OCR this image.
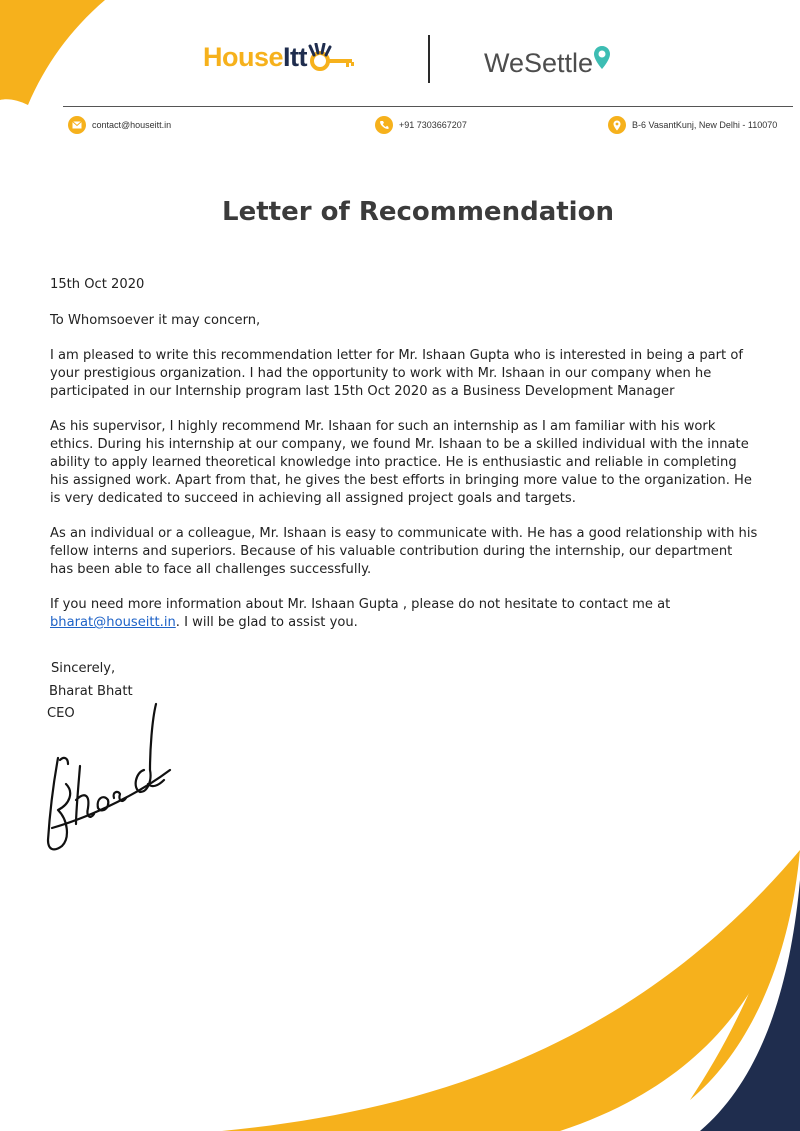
House Itt	WeSettle
contact@houseitt.in	+91 7303667207	B-6 VasantKunj, New Delhi - 110070
Letter of Recommendation
15th Oct 2020
To Whomsoever it may concern,
I am pleased to write this recommendation letter for Mr. Ishaan Gupta who is interested in being a part of
your prestigious organization. I had the opportunity to work with Mr. Ishaan in our company when he
participated in our Internship program last 15th Oct 2020 as a Business Development Manager
As his supervisor, I highly recommend Mr. Ishaan for such an internship as I am familiar with his work
ethics. During his internship at our company, we found Mr. Ishaan to be a skilled individual with the innate
ability to apply learned theoretical knowledge into practice. He is enthusiastic and reliable in completing
his assigned work. Apart from that, he gives the best efforts in bringing more value to the organization. He
is very dedicated to succeed in achieving all assigned project goals and targets.
As an individual or a colleague, Mr. Ishaan is easy to communicate with. He has a good relationship with his
fellow interns and superiors. Because of his valuable contribution during the internship, our department
has been able to face all challenges successfully.
If you need more information about Mr. Ishaan Gupta , please do not hesitate to contact me at
bharat@houseitt.in. I will be glad to assist you.
Sincerely,
Bharat Bhatt
CEO
